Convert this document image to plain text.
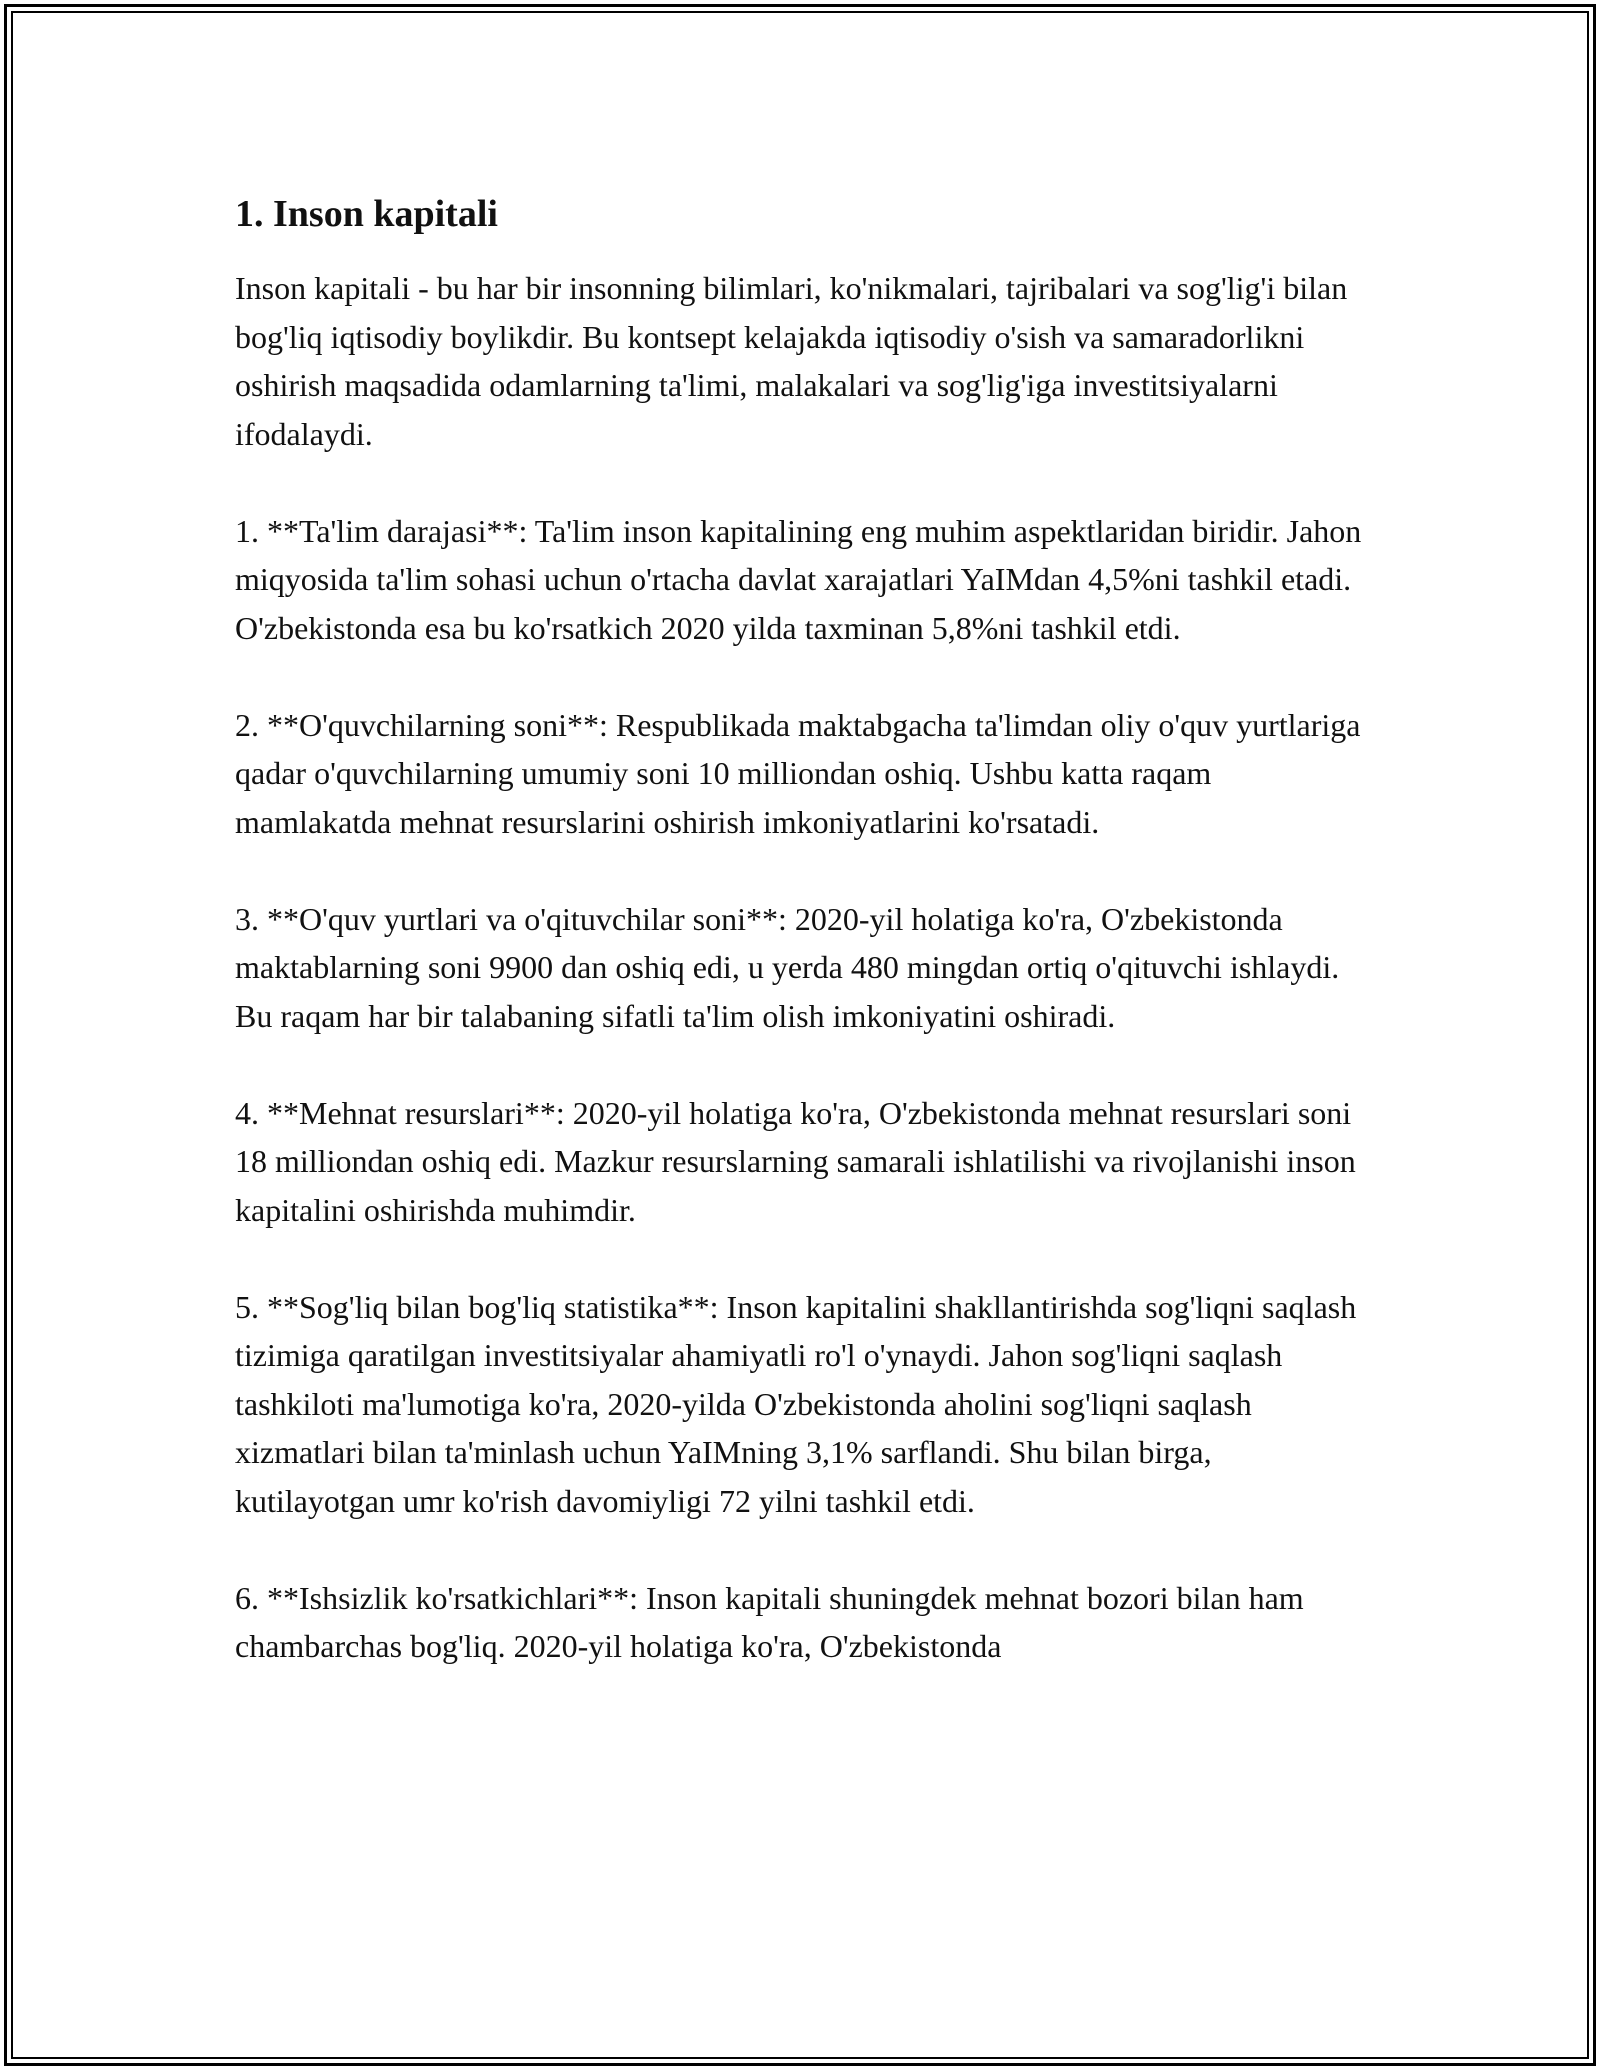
1. Inson kapitali

Inson kapitali - bu har bir insonning bilimlari, ko'nikmalari, tajribalari va sog'lig'i bilan bog'liq iqtisodiy boylikdir. Bu kontsept kelajakda iqtisodiy o'sish va samaradorlikni oshirish maqsadida odamlarning ta'limi, malakalari va sog'lig'iga investitsiyalarni ifodalaydi.

1. **Ta'lim darajasi**: Ta'lim inson kapitalining eng muhim aspektlaridan biridir. Jahon miqyosida ta'lim sohasi uchun o'rtacha davlat xarajatlari YaIMdan 4,5%ni tashkil etadi. O'zbekistonda esa bu ko'rsatkich 2020 yilda taxminan 5,8%ni tashkil etdi.

2. **O'quvchilarning soni**: Respublikada maktabgacha ta'limdan oliy o'quv yurtlariga qadar o'quvchilarning umumiy soni 10 milliondan oshiq. Ushbu katta raqam mamlakatda mehnat resurslarini oshirish imkoniyatlarini ko'rsatadi.

3. **O'quv yurtlari va o'qituvchilar soni**: 2020-yil holatiga ko'ra, O'zbekistonda maktablarning soni 9900 dan oshiq edi, u yerda 480 mingdan ortiq o'qituvchi ishlaydi. Bu raqam har bir talabaning sifatli ta'lim olish imkoniyatini oshiradi.

4. **Mehnat resurslari**: 2020-yil holatiga ko'ra, O'zbekistonda mehnat resurslari soni 18 milliondan oshiq edi. Mazkur resurslarning samarali ishlatilishi va rivojlanishi inson kapitalini oshirishda muhimdir.

5. **Sog'liq bilan bog'liq statistika**: Inson kapitalini shakllantirishda sog'liqni saqlash tizimiga qaratilgan investitsiyalar ahamiyatli ro'l o'ynaydi. Jahon sog'liqni saqlash tashkiloti ma'lumotiga ko'ra, 2020-yilda O'zbekistonda aholini sog'liqni saqlash xizmatlari bilan ta'minlash uchun YaIMning 3,1% sarflandi. Shu bilan birga, kutilayotgan umr ko'rish davomiyligi 72 yilni tashkil etdi.

6. **Ishsizlik ko'rsatkichlari**: Inson kapitali shuningdek mehnat bozori bilan ham chambarchas bog'liq. 2020-yil holatiga ko'ra, O'zbekistonda
